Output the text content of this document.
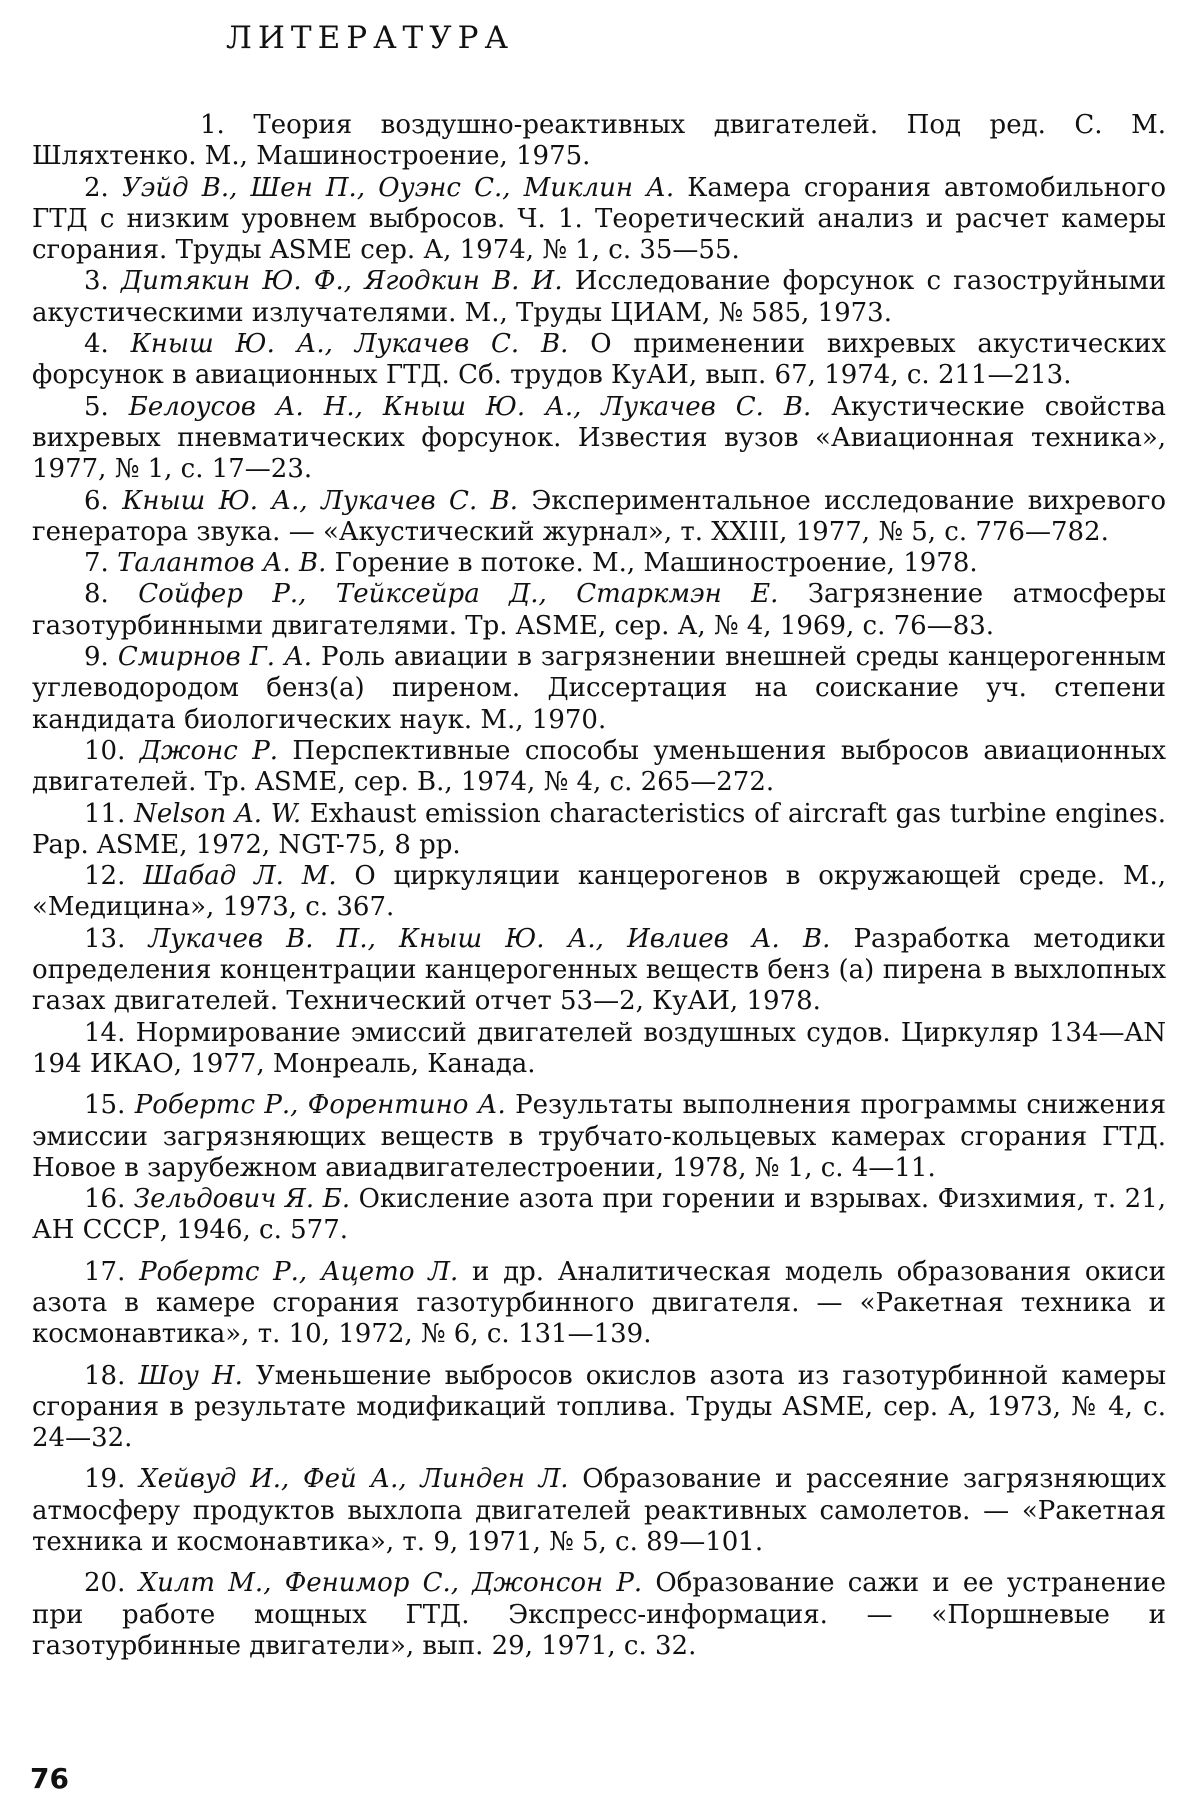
ЛИТЕРАТУРА
1. Теория воздушно-реактивных двигателей. Под ред. С. М. Шляхтенко. М., Машиностроение, 1975.
2. Уэйд В., Шен П., Оуэнс С., Миклин А. Камера сгорания автомобильного ГТД с низким уровнем выбросов. Ч. 1. Теоретический анализ и расчет камеры сгорания. Труды ASME сер. А, 1974, № 1, с. 35—55.
3. Дитякин Ю. Ф., Ягодкин В. И. Исследование форсунок с газоструйными акустическими излучателями. М., Труды ЦИАМ, № 585, 1973.
4. Кныш Ю. А., Лукачев С. В. О применении вихревых акустических форсунок в авиационных ГТД. Сб. трудов КуАИ, вып. 67, 1974, с. 211—213.
5. Белоусов А. Н., Кныш Ю. А., Лукачев С. В. Акустические свойства вихревых пневматических форсунок. Известия вузов «Авиационная техника», 1977, № 1, с. 17—23.
6. Кныш Ю. А., Лукачев С. В. Экспериментальное исследование вихревого генератора звука. — «Акустический журнал», т. XXIII, 1977, № 5, с. 776—782.
7. Талантов А. В. Горение в потоке. М., Машиностроение, 1978.
8. Сойфер Р., Тейксейра Д., Старкмэн Е. Загрязнение атмосферы газотурбинными двигателями. Тр. ASME, сер. А, № 4, 1969, с. 76—83.
9. Смирнов Г. А. Роль авиации в загрязнении внешней среды канцерогенным углеводородом бенз(а) пиреном. Диссертация на соискание уч. степени кандидата биологических наук. М., 1970.
10. Джонс Р. Перспективные способы уменьшения выбросов авиационных двигателей. Тр. ASME, сер. В., 1974, № 4, с. 265—272.
11. Nelson A. W. Exhaust emission characteristics of aircraft gas turbine engines. Pap. ASME, 1972, NGT-75, 8 pp.
12. Шабад Л. М. О циркуляции канцерогенов в окружающей среде. М., «Медицина», 1973, с. 367.
13. Лукачев В. П., Кныш Ю. А., Ивлиев А. В. Разработка методики определения концентрации канцерогенных веществ бенз (а) пирена в выхлопных газах двигателей. Технический отчет 53—2, КуАИ, 1978.
14. Нормирование эмиссий двигателей воздушных судов. Циркуляр 134—AN 194 ИКАО, 1977, Монреаль, Канада.
15. Робертс Р., Форентино А. Результаты выполнения программы снижения эмиссии загрязняющих веществ в трубчато-кольцевых камерах сгорания ГТД. Новое в зарубежном авиадвигателестроении, 1978, № 1, с. 4—11.
16. Зельдович Я. Б. Окисление азота при горении и взрывах. Физхимия, т. 21, АН СССР, 1946, с. 577.
17. Робертс Р., Ацето Л. и др. Аналитическая модель образования окиси азота в камере сгорания газотурбинного двигателя. — «Ракетная техника и космонавтика», т. 10, 1972, № 6, с. 131—139.
18. Шоу Н. Уменьшение выбросов окислов азота из газотурбинной камеры сгорания в результате модификаций топлива. Труды ASME, сер. А, 1973, № 4, с. 24—32.
19. Хейвуд И., Фей А., Линден Л. Образование и рассеяние загрязняющих атмосферу продуктов выхлопа двигателей реактивных самолетов. — «Ракетная техника и космонавтика», т. 9, 1971, № 5, с. 89—101.
20. Хилт М., Фенимор С., Джонсон Р. Образование сажи и ее устранение при работе мощных ГТД. Экспресс-информация. — «Поршневые и газотурбинные двигатели», вып. 29, 1971, с. 32.
76
